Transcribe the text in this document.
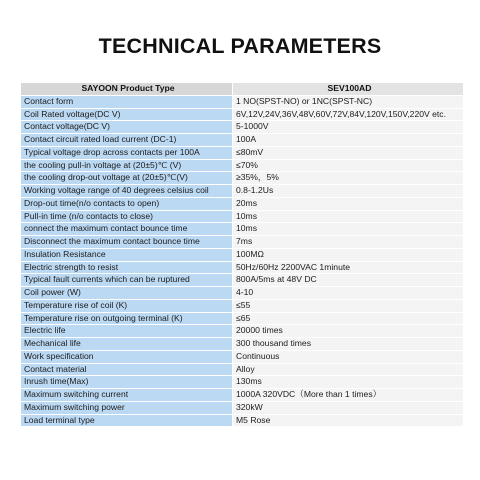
TECHNICAL PARAMETERS
SAYOON Product Type	SEV100AD
Contact form	1 NO(SPST-NO) or 1NC(SPST-NC)
Coil Rated voltage(DC V)	6V,12V,24V,36V,48V,60V,72V,84V,120V,150V,220V etc.
Contact voltage(DC V)	5-1000V
Contact circuit rated load current (DC-1)	100A
Typical voltage drop across contacts per 100A	≤80mV
the cooling pull-in voltage at (20±5)℃ (V)	≤70%
the cooling drop-out voltage at (20±5)℃(V)	≥35%，5%
Working voltage range of 40 degrees celsius coil	0.8-1.2Us
Drop-out time(n/o contacts to open)	20ms
Pull-in time (n/o contacts to close)	10ms
connect the maximum contact bounce time	10ms
Disconnect the maximum contact bounce time	7ms
Insulation Resistance	100MΩ
Electric strength to resist	50Hz/60Hz 2200VAC 1minute
Typical fault currents which can be ruptured	800A/5ms at 48V DC
Coil power (W)	4-10
Temperature rise of coil (K)	≤55
Temperature rise on outgoing terminal (K)	≤65
Electric life	20000 times
Mechanical life	300 thousand times
Work specification	Continuous
Contact material	Alloy
Inrush time(Max)	130ms
Maximum switching current	1000A 320VDC（More than 1 times）
Maximum switching power	320kW
Load terminal type	M5 Rose
